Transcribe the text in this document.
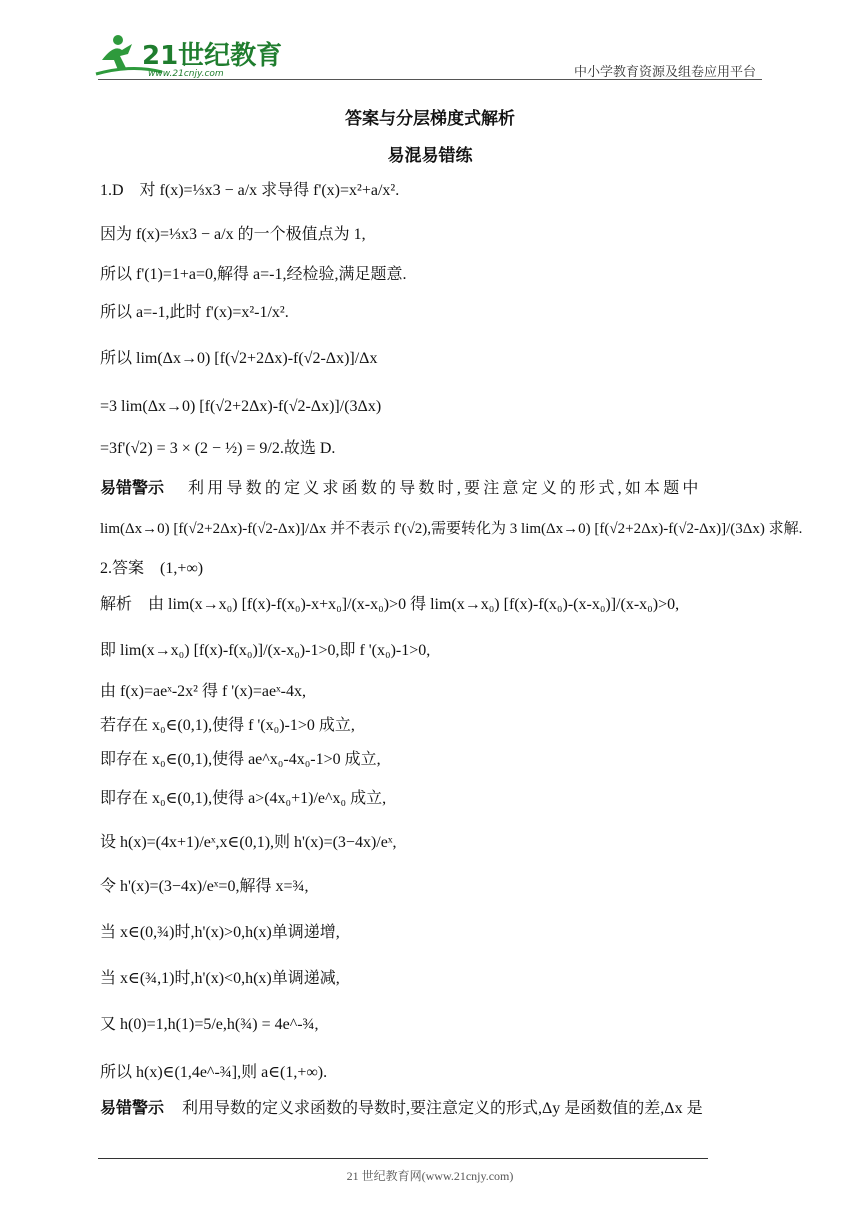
21世纪教育
www.21cnjy.com	中小学教育资源及组卷应用平台
答案与分层梯度式解析
易混易错练
1.D　对 f(x)=⅓x3 − a/x 求导得 f'(x)=x²+a/x².
因为 f(x)=⅓x3 − a/x 的一个极值点为 1,
所以 f'(1)=1+a=0,解得 a=-1,经检验,满足题意.
所以 a=-1,此时 f'(x)=x²-1/x².
所以 lim(Δx→0) [f(√2+2Δx)-f(√2-Δx)]/Δx
=3 lim(Δx→0) [f(√2+2Δx)-f(√2-Δx)]/(3Δx)
=3f'(√2) = 3 × (2 − ½) = 9/2.故选 D.
易错警示 利用导数的定义求函数的导数时,要注意定义的形式,如本题中
lim(Δx→0) [f(√2+2Δx)-f(√2-Δx)]/Δx 并不表示 f'(√2),需要转化为 3 lim(Δx→0) [f(√2+2Δx)-f(√2-Δx)]/(3Δx) 求解.
2.答案　(1,+∞)
解析　由 lim(x→x₀) [f(x)-f(x₀)-x+x₀]/(x-x₀)>0 得 lim(x→x₀) [f(x)-f(x₀)-(x-x₀)]/(x-x₀)>0,
即 lim(x→x₀) [f(x)-f(x₀)]/(x-x₀)-1>0,即 f '(x₀)-1>0,
由 f(x)=aeˣ-2x² 得 f '(x)=aeˣ-4x,
若存在 x₀∈(0,1),使得 f '(x₀)-1>0 成立,
即存在 x₀∈(0,1),使得 ae^x₀-4x₀-1>0 成立,
即存在 x₀∈(0,1),使得 a>(4x₀+1)/e^x₀ 成立,
设 h(x)=(4x+1)/eˣ,x∈(0,1),则 h'(x)=(3−4x)/eˣ,
令 h'(x)=(3−4x)/eˣ=0,解得 x=¾,
当 x∈(0,¾)时,h'(x)>0,h(x)单调递增,
当 x∈(¾,1)时,h'(x)<0,h(x)单调递减,
又 h(0)=1,h(1)=5/e,h(¾) = 4e^-¾,
所以 h(x)∈(1,4e^-¾],则 a∈(1,+∞).
易错警示 利用导数的定义求函数的导数时,要注意定义的形式,Δy 是函数值的差,Δx 是
21 世纪教育网(www.21cnjy.com)
